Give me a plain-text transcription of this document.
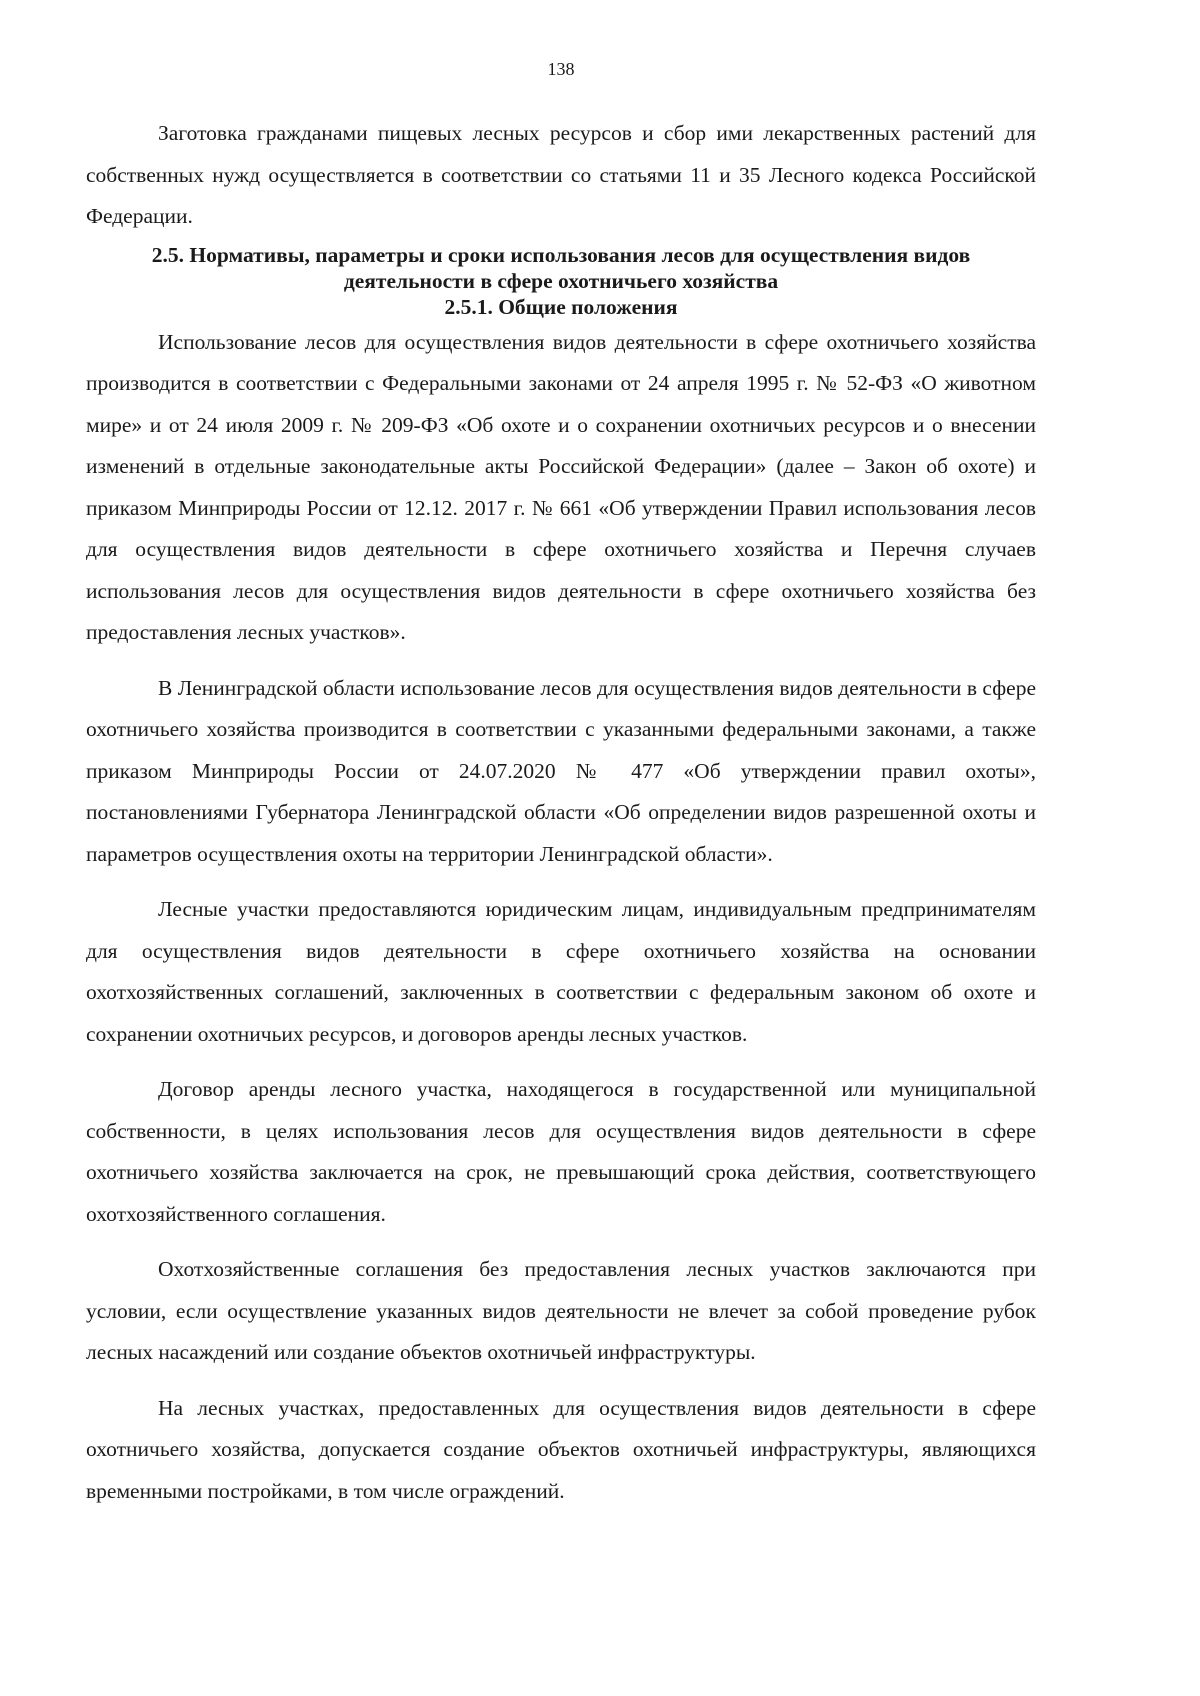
138

Заготовка гражданами пищевых лесных ресурсов и сбор ими лекарственных растений для собственных нужд осуществляется в соответствии со статьями 11 и 35 Лесного кодекса Российской Федерации.

2.5. Нормативы, параметры и сроки использования лесов для осуществления видов деятельности в сфере охотничьего хозяйства
2.5.1. Общие положения

Использование лесов для осуществления видов деятельности в сфере охотничьего хозяйства производится в соответствии с Федеральными законами от 24 апреля 1995 г. № 52-ФЗ «О животном мире» и от 24 июля 2009 г. № 209-ФЗ «Об охоте и о сохранении охотничьих ресурсов и о внесении изменений в отдельные законодательные акты Российской Федерации» (далее – Закон об охоте) и приказом Минприроды России от 12.12. 2017 г. № 661 «Об утверждении Правил использования лесов для осуществления видов деятельности в сфере охотничьего хозяйства и Перечня случаев использования лесов для осуществления видов деятельности в сфере охотничьего хозяйства без предоставления лесных участков».

В Ленинградской области использование лесов для осуществления видов деятельности в сфере охотничьего хозяйства производится в соответствии с указанными федеральными законами, а также приказом Минприроды России от 24.07.2020 № 477 «Об утверждении правил охоты», постановлениями Губернатора Ленинградской области «Об определении видов разрешенной охоты и параметров осуществления охоты на территории Ленинградской области».

Лесные участки предоставляются юридическим лицам, индивидуальным предпринимателям для осуществления видов деятельности в сфере охотничьего хозяйства на основании охотхозяйственных соглашений, заключенных в соответствии с федеральным законом об охоте и сохранении охотничьих ресурсов, и договоров аренды лесных участков.

Договор аренды лесного участка, находящегося в государственной или муниципальной собственности, в целях использования лесов для осуществления видов деятельности в сфере охотничьего хозяйства заключается на срок, не превышающий срока действия, соответствующего охотхозяйственного соглашения.

Охотхозяйственные соглашения без предоставления лесных участков заключаются при условии, если осуществление указанных видов деятельности не влечет за собой проведение рубок лесных насаждений или создание объектов охотничьей инфраструктуры.

На лесных участках, предоставленных для осуществления видов деятельности в сфере охотничьего хозяйства, допускается создание объектов охотничьей инфраструктуры, являющихся временными постройками, в том числе ограждений.
